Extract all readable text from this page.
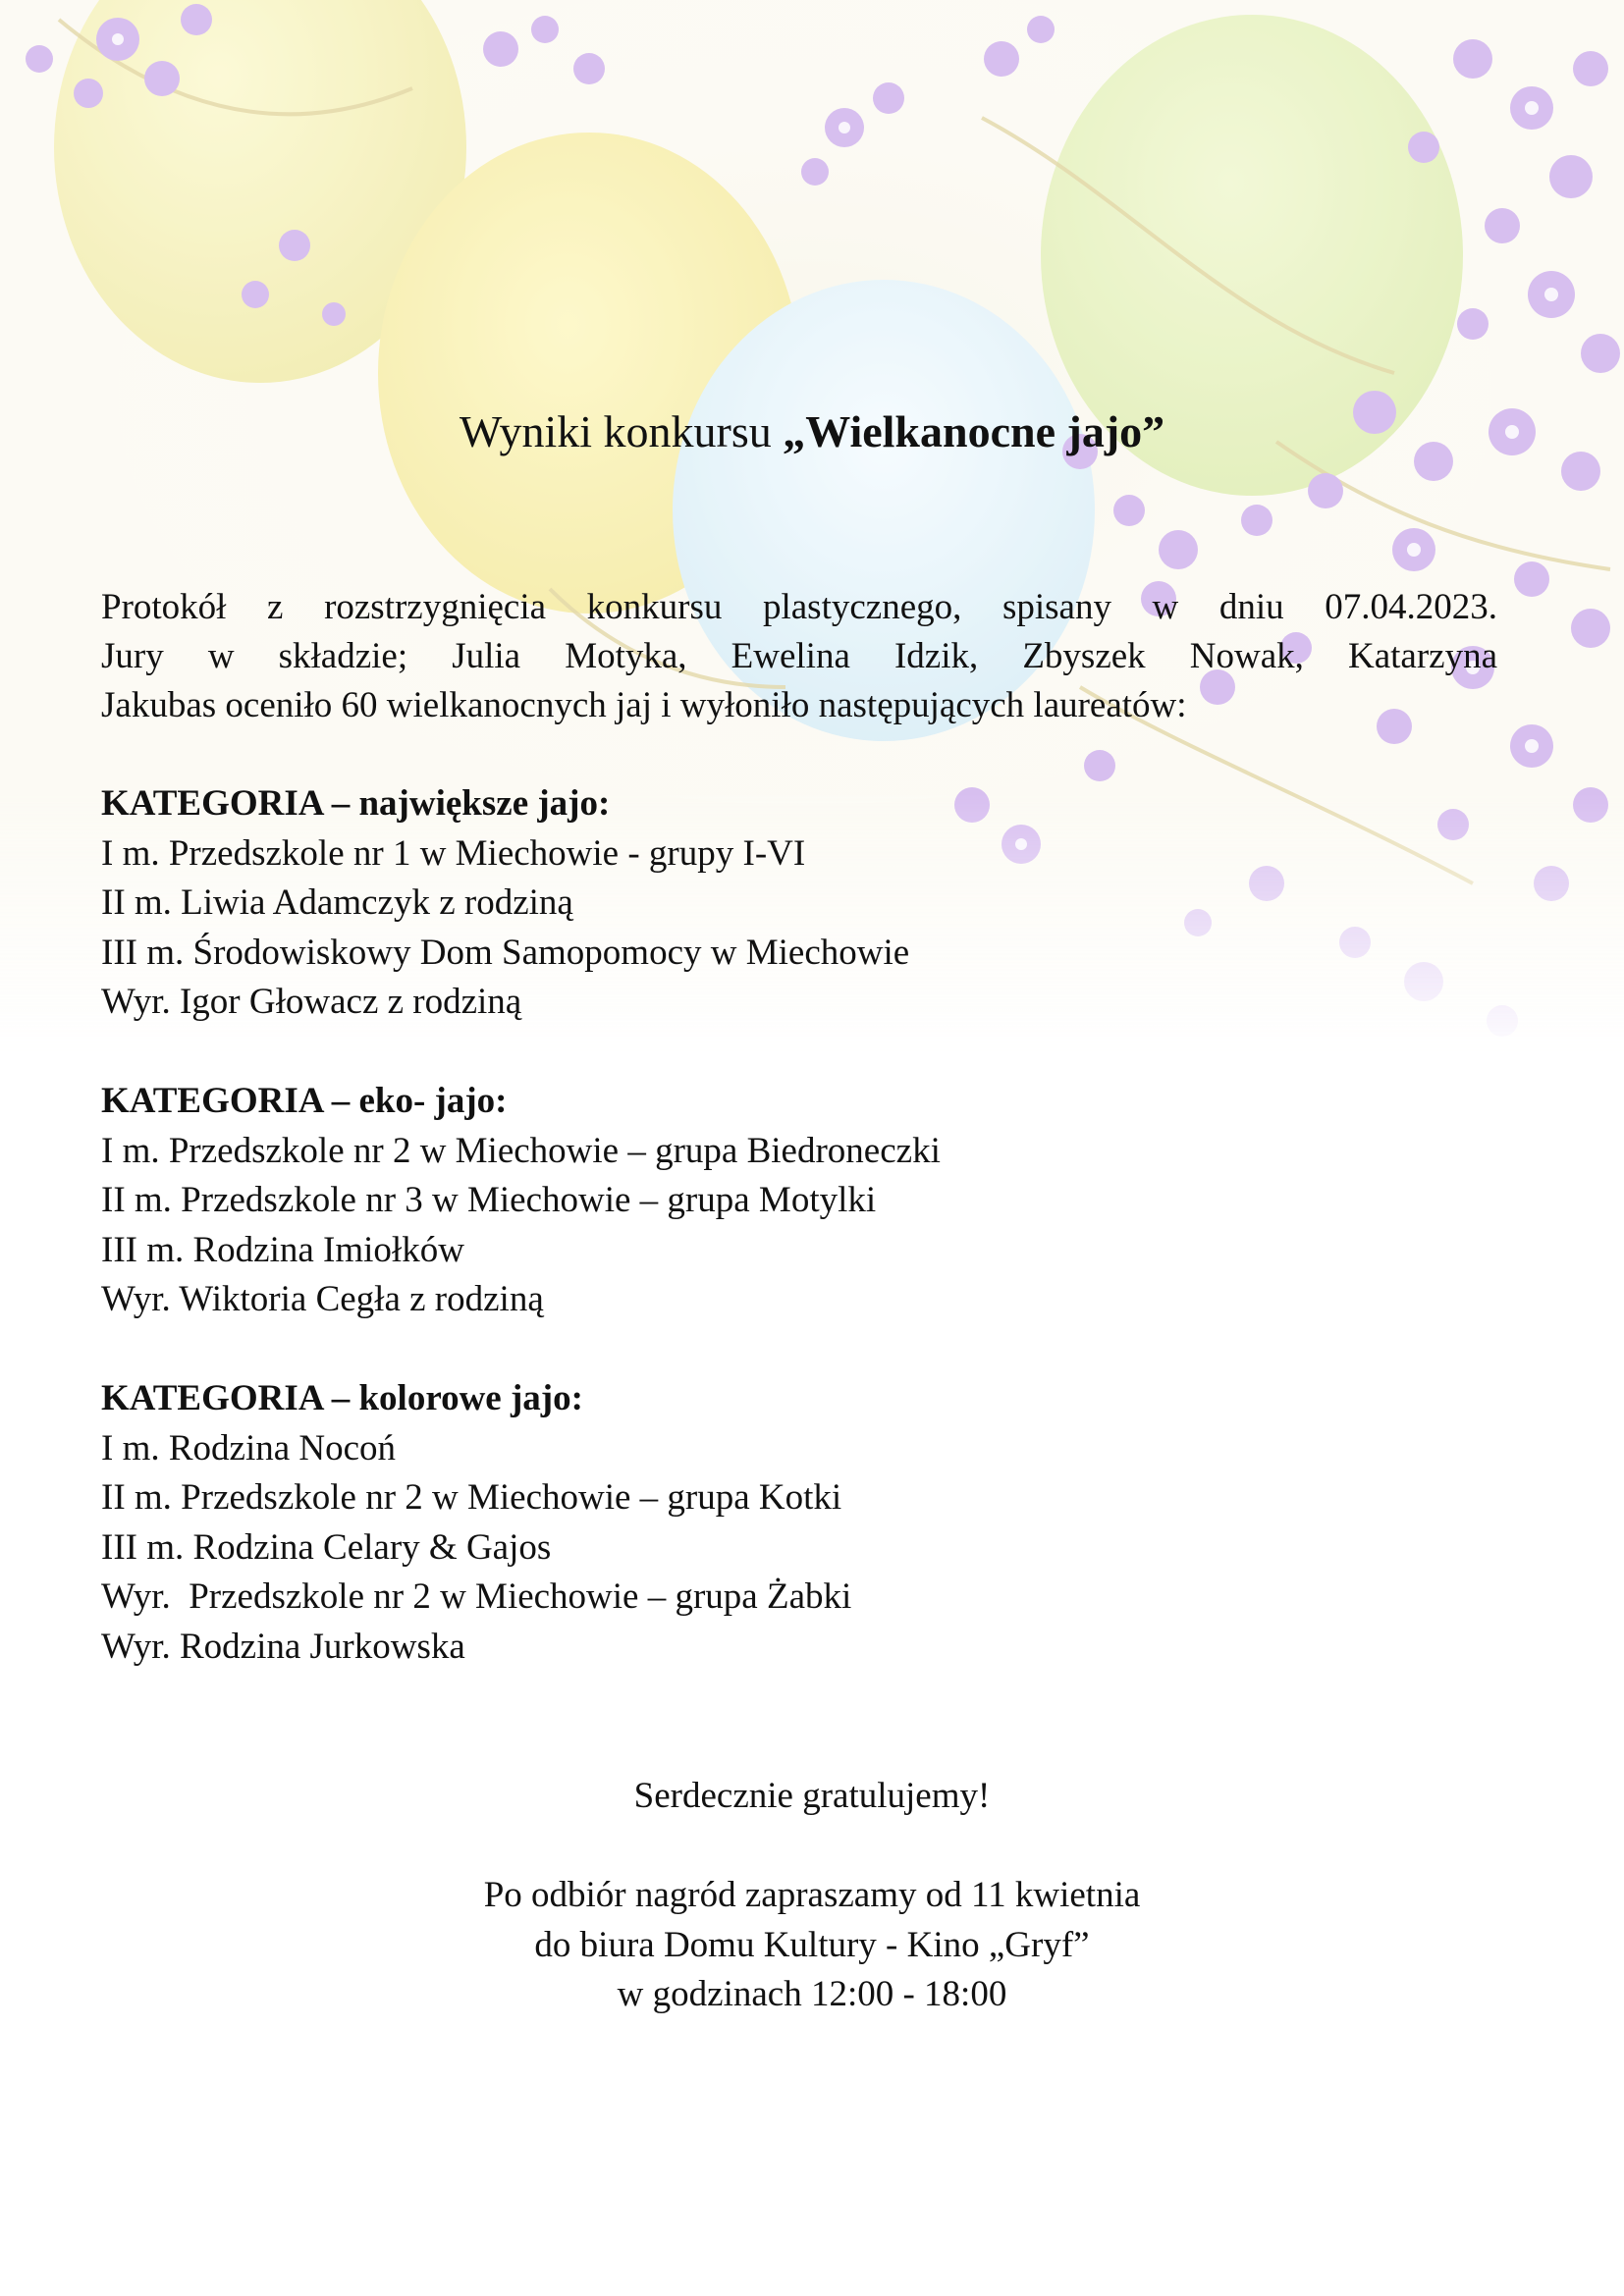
Wyniki konkursu „Wielkanocne jajo”

Protokół z rozstrzygnięcia konkursu plastycznego, spisany w dniu 07.04.2023.

Jury w składzie; Julia Motyka, Ewelina Idzik, Zbyszek Nowak, Katarzyna

Jakubas oceniło 60 wielkanocnych jaj i wyłoniło następujących laureatów:

KATEGORIA – największe jajo:
I m. Przedszkole nr 1 w Miechowie - grupy I-VI
II m. Liwia Adamczyk z rodziną
III m. Środowiskowy Dom Samopomocy w Miechowie
Wyr. Igor Głowacz z rodziną
KATEGORIA – eko- jajo:
I m. Przedszkole nr 2 w Miechowie – grupa Biedroneczki
II m. Przedszkole nr 3 w Miechowie – grupa Motylki
III m. Rodzina Imiołków
Wyr. Wiktoria Cegła z rodziną
KATEGORIA – kolorowe jajo:
I m. Rodzina Nocoń
II m. Przedszkole nr 2 w Miechowie – grupa Kotki
III m. Rodzina Celary & Gajos
Wyr.  Przedszkole nr 2 w Miechowie – grupa Żabki
Wyr. Rodzina Jurkowska
Serdecznie gratulujemy!
Po odbiór nagród zapraszamy od 11 kwietnia
do biura Domu Kultury - Kino „Gryf”
w godzinach 12:00 - 18:00
